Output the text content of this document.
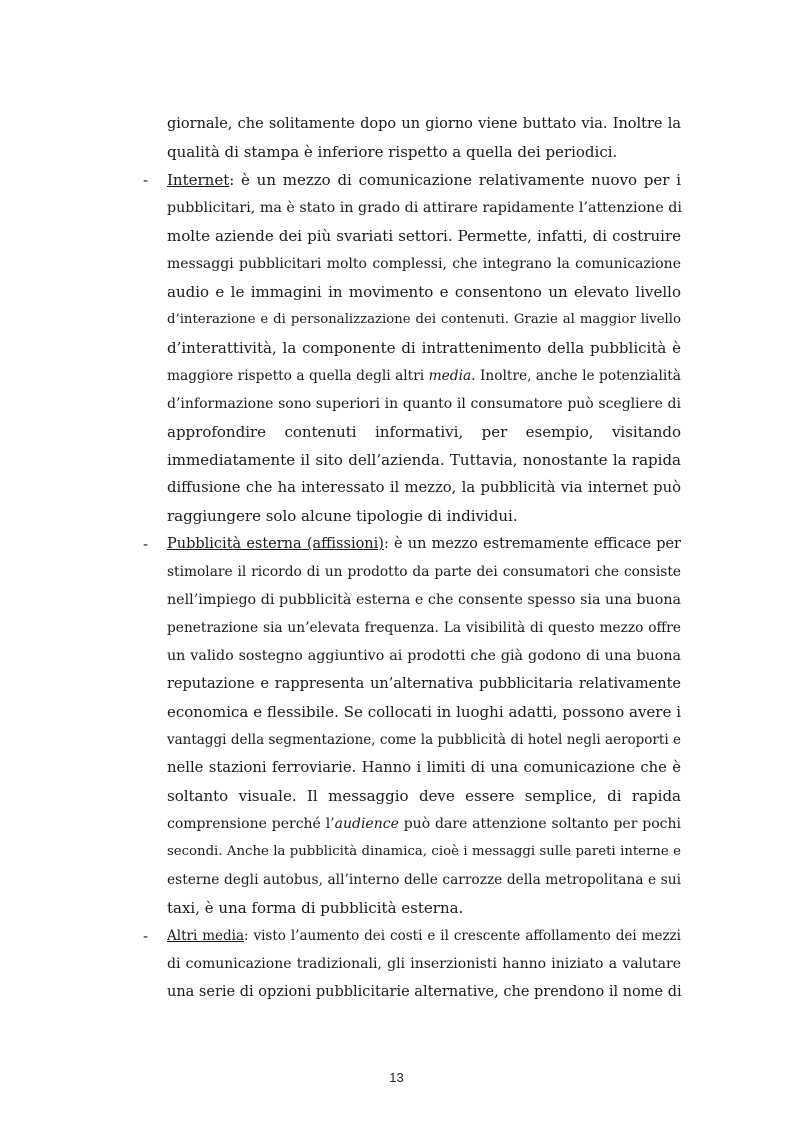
giornale, che solitamente dopo un giorno viene buttato via. Inoltre la
qualità di stampa è inferiore rispetto a quella dei periodici.
- Internet: è un mezzo di comunicazione relativamente nuovo per i
pubblicitari, ma è stato in grado di attirare rapidamente l’attenzione di
molte aziende dei più svariati settori. Permette, infatti, di costruire
messaggi pubblicitari molto complessi, che integrano la comunicazione
audio e le immagini in movimento e consentono un elevato livello
d’interazione e di personalizzazione dei contenuti. Grazie al maggior livello
d’interattività, la componente di intrattenimento della pubblicità è
maggiore rispetto a quella degli altri media. Inoltre, anche le potenzialità
d’informazione sono superiori in quanto il consumatore può scegliere di
approfondire contenuti informativi, per esempio, visitando
immediatamente il sito dell’azienda. Tuttavia, nonostante la rapida
diffusione che ha interessato il mezzo, la pubblicità via internet può
raggiungere solo alcune tipologie di individui.
- Pubblicità esterna (affissioni): è un mezzo estremamente efficace per
stimolare il ricordo di un prodotto da parte dei consumatori che consiste
nell’impiego di pubblicità esterna e che consente spesso sia una buona
penetrazione sia un’elevata frequenza. La visibilità di questo mezzo offre
un valido sostegno aggiuntivo ai prodotti che già godono di una buona
reputazione e rappresenta un’alternativa pubblicitaria relativamente
economica e flessibile. Se collocati in luoghi adatti, possono avere i
vantaggi della segmentazione, come la pubblicità di hotel negli aeroporti e
nelle stazioni ferroviarie. Hanno i limiti di una comunicazione che è
soltanto visuale. Il messaggio deve essere semplice, di rapida
comprensione perché l’audience può dare attenzione soltanto per pochi
secondi. Anche la pubblicità dinamica, cioè i messaggi sulle pareti interne e
esterne degli autobus, all’interno delle carrozze della metropolitana e sui
taxi, è una forma di pubblicità esterna.
- Altri media: visto l’aumento dei costi e il crescente affollamento dei mezzi
di comunicazione tradizionali, gli inserzionisti hanno iniziato a valutare
una serie di opzioni pubblicitarie alternative, che prendono il nome di
13
